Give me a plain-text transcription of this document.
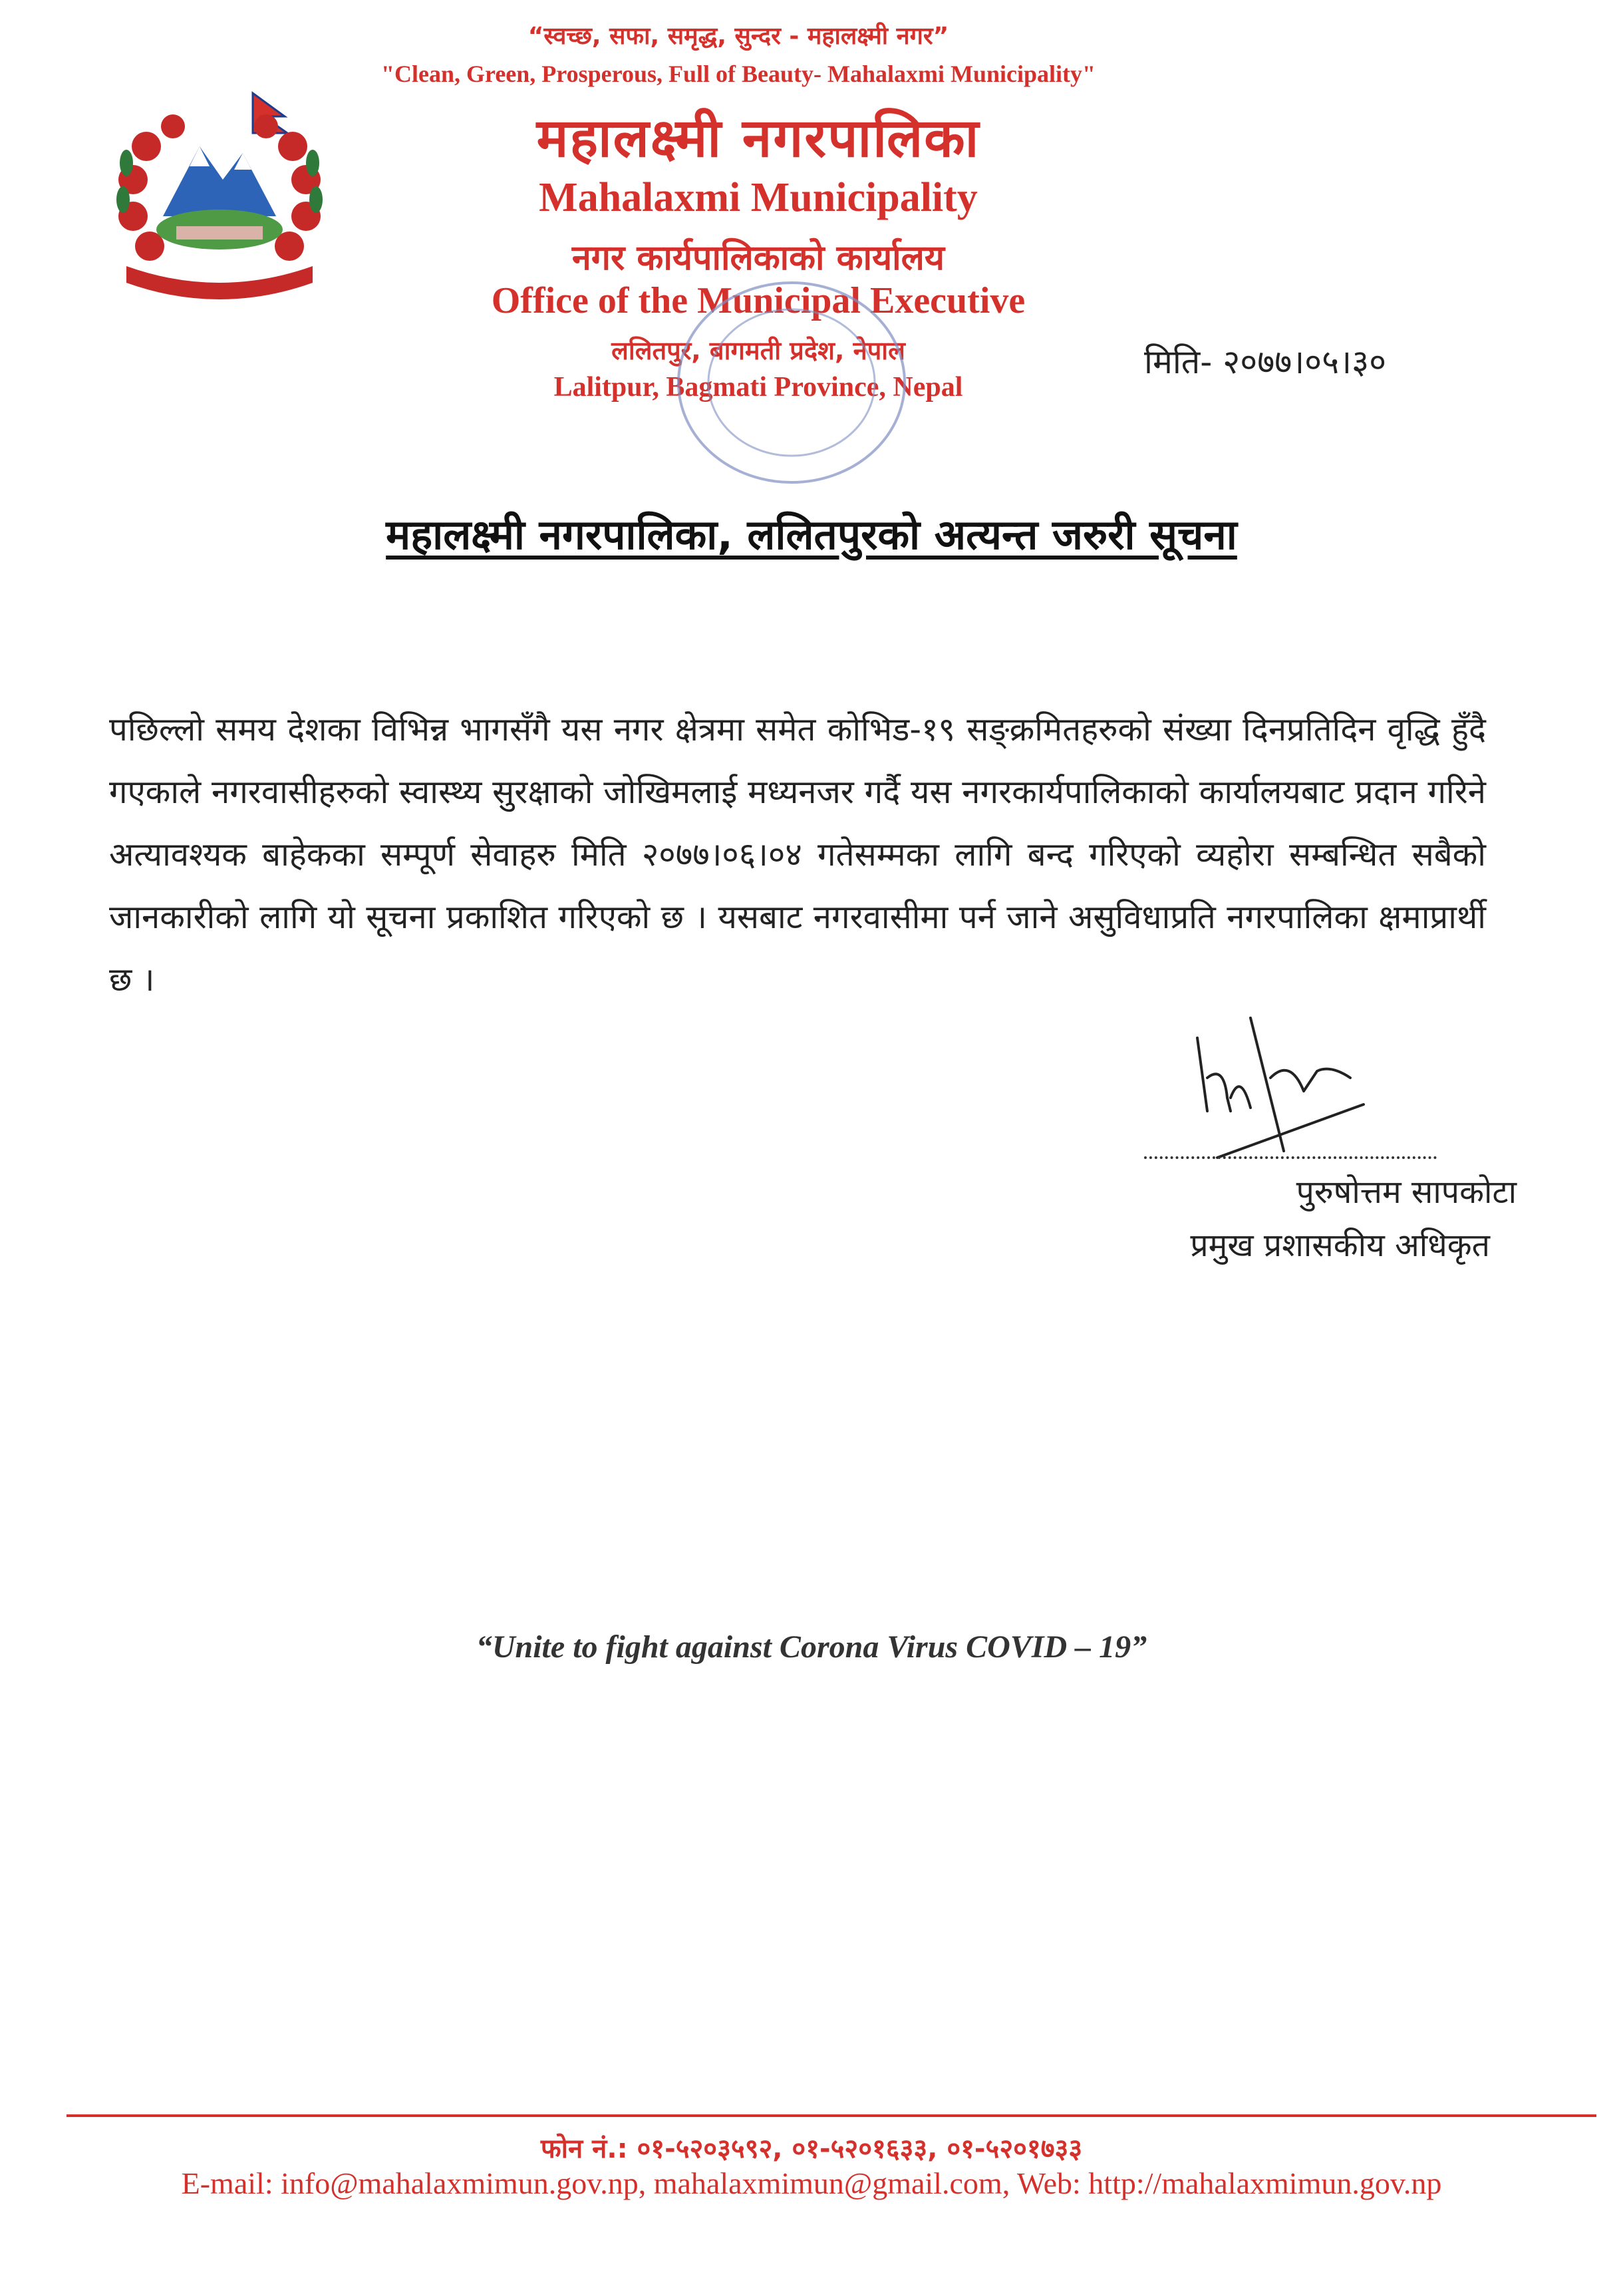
“स्वच्छ, सफा, समृद्ध, सुन्दर - महालक्ष्मी नगर”
"Clean, Green, Prosperous, Full of Beauty- Mahalaxmi Municipality"
महालक्ष्मी नगरपालिका
Mahalaxmi Municipality
नगर कार्यपालिकाको कार्यालय
Office of the Municipal Executive
ललितपुर, बागमती प्रदेश, नेपाल
Lalitpur, Bagmati Province, Nepal
मिति- २०७७।०५।३०
महालक्ष्मी नगरपालिका, ललितपुरको अत्यन्त जरुरी सूचना
पछिल्लो समय देशका विभिन्न भागसँगै यस नगर क्षेत्रमा समेत कोभिड-१९ सङ्क्रमितहरुको संख्या दिनप्रतिदिन वृद्धि हुँदै गएकाले नगरवासीहरुको स्वास्थ्य सुरक्षाको जोखिमलाई मध्यनजर गर्दै यस नगरकार्यपालिकाको कार्यालयबाट प्रदान गरिने अत्यावश्यक बाहेकका सम्पूर्ण सेवाहरु मिति २०७७।०६।०४ गतेसम्मका लागि बन्द गरिएको व्यहोरा सम्बन्धित सबैको जानकारीको लागि यो सूचना प्रकाशित गरिएको छ । यसबाट नगरवासीमा पर्न जाने असुविधाप्रति नगरपालिका क्षमाप्रार्थी छ ।
पुरुषोत्तम सापकोटा
प्रमुख प्रशासकीय अधिकृत
“Unite to fight against Corona Virus COVID – 19”
फोन नं.: ०१-५२०३५९२, ०१-५२०१६३३, ०१-५२०१७३३
E-mail: info@mahalaxmimun.gov.np, mahalaxmimun@gmail.com, Web: http://mahalaxmimun.gov.np
